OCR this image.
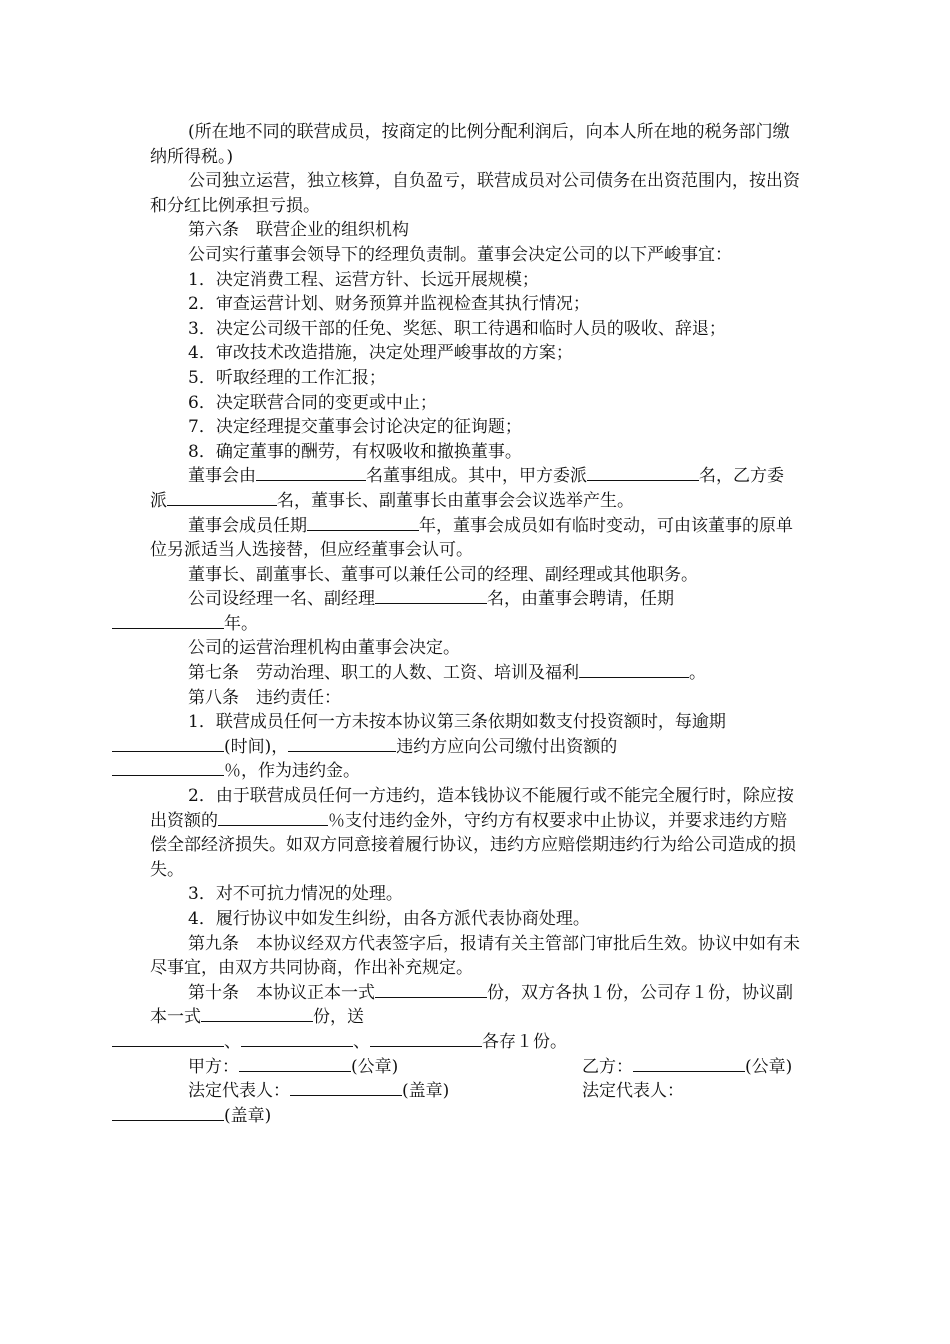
(所在地不同的联营成员，按商定的比例分配利润后，向本人所在地的税务部门缴纳所得税。)

公司独立运营，独立核算，自负盈亏，联营成员对公司债务在出资范围内，按出资和分红比例承担亏损。

第六条　联营企业的组织机构

公司实行董事会领导下的经理负责制。董事会决定公司的以下严峻事宜：

1．决定消费工程、运营方针、长远开展规模；

2．审查运营计划、财务预算并监视检查其执行情况；

3．决定公司级干部的任免、奖惩、职工待遇和临时人员的吸收、辞退；

4．审改技术改造措施，决定处理严峻事故的方案；

5．听取经理的工作汇报；

6．决定联营合同的变更或中止；

7．决定经理提交董事会讨论决定的征询题；

8．确定董事的酬劳，有权吸收和撤换董事。

董事会由	名董事组成。其中，甲方委派	名，乙方委派	名，董事长、副董事长由董事会会议选举产生。

董事会成员任期	年，董事会成员如有临时变动，可由该董事的原单位另派适当人选接替，但应经董事会认可。

董事长、副董事长、董事可以兼任公司的经理、副经理或其他职务。

公司设经理一名、副经理	名，由董事会聘请，任期
年。

公司的运营治理机构由董事会决定。

第七条　劳动治理、职工的人数、工资、培训及福利	。

第八条　违约责任：

1．联营成员任何一方未按本协议第三条依期如数支付投资额时，每逾期
(时间)，	违约方应向公司缴付出资额的
％，作为违约金。

2．由于联营成员任何一方违约，造本钱协议不能履行或不能完全履行时，除应按出资额的	％支付违约金外，守约方有权要求中止协议，并要求违约方赔偿全部经济损失。如双方同意接着履行协议，违约方应赔偿期违约行为给公司造成的损失。

3．对不可抗力情况的处理。

4．履行协议中如发生纠纷，由各方派代表协商处理。

第九条　本协议经双方代表签字后，报请有关主管部门审批后生效。协议中如有未尽事宜，由双方共同协商，作出补充规定。

第十条　本协议正本一式	份，双方各执１份，公司存１份，协议副本一式	份，送
、	、	各存１份。

甲方：	(公章)	乙方：	(公章)

法定代表人：	(盖章)	法定代表人：
(盖章)
